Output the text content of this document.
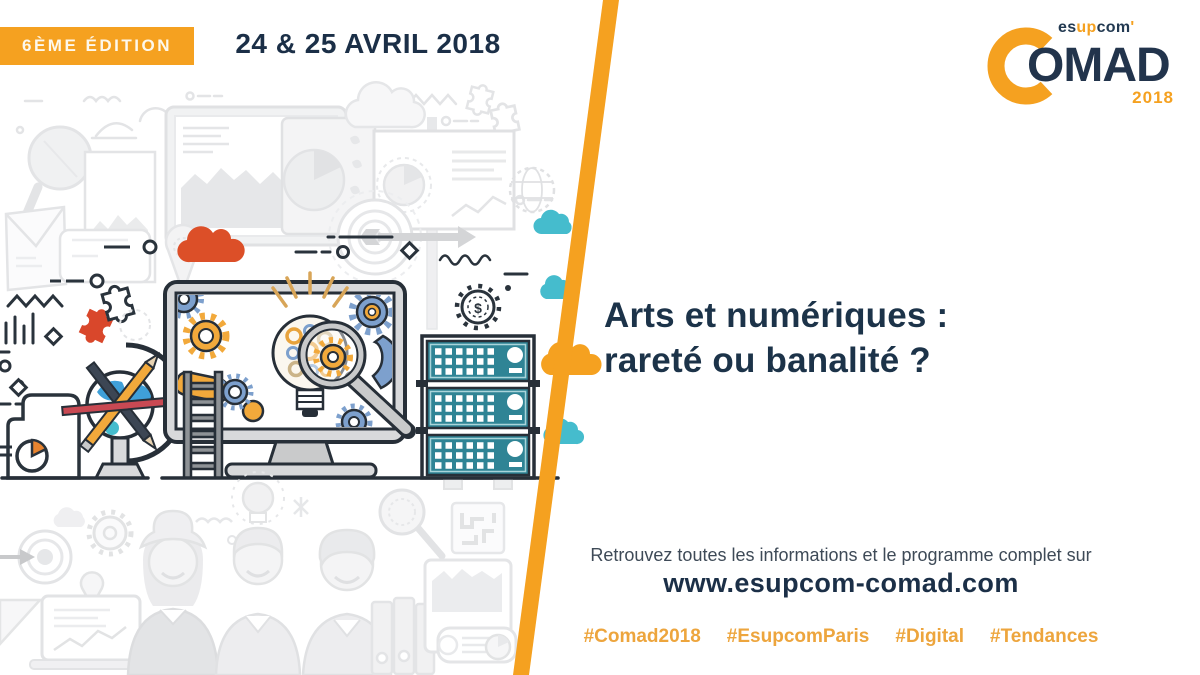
$
6ÈME ÉDITION	24 & 25 AVRIL 2018
esupcom'
OMAD
2018
Arts et numériques :
rareté ou banalité ?
Retrouvez toutes les informations et le programme complet sur
www.esupcom-comad.com
#Comad2018 #EsupcomParis #Digital #Tendances
